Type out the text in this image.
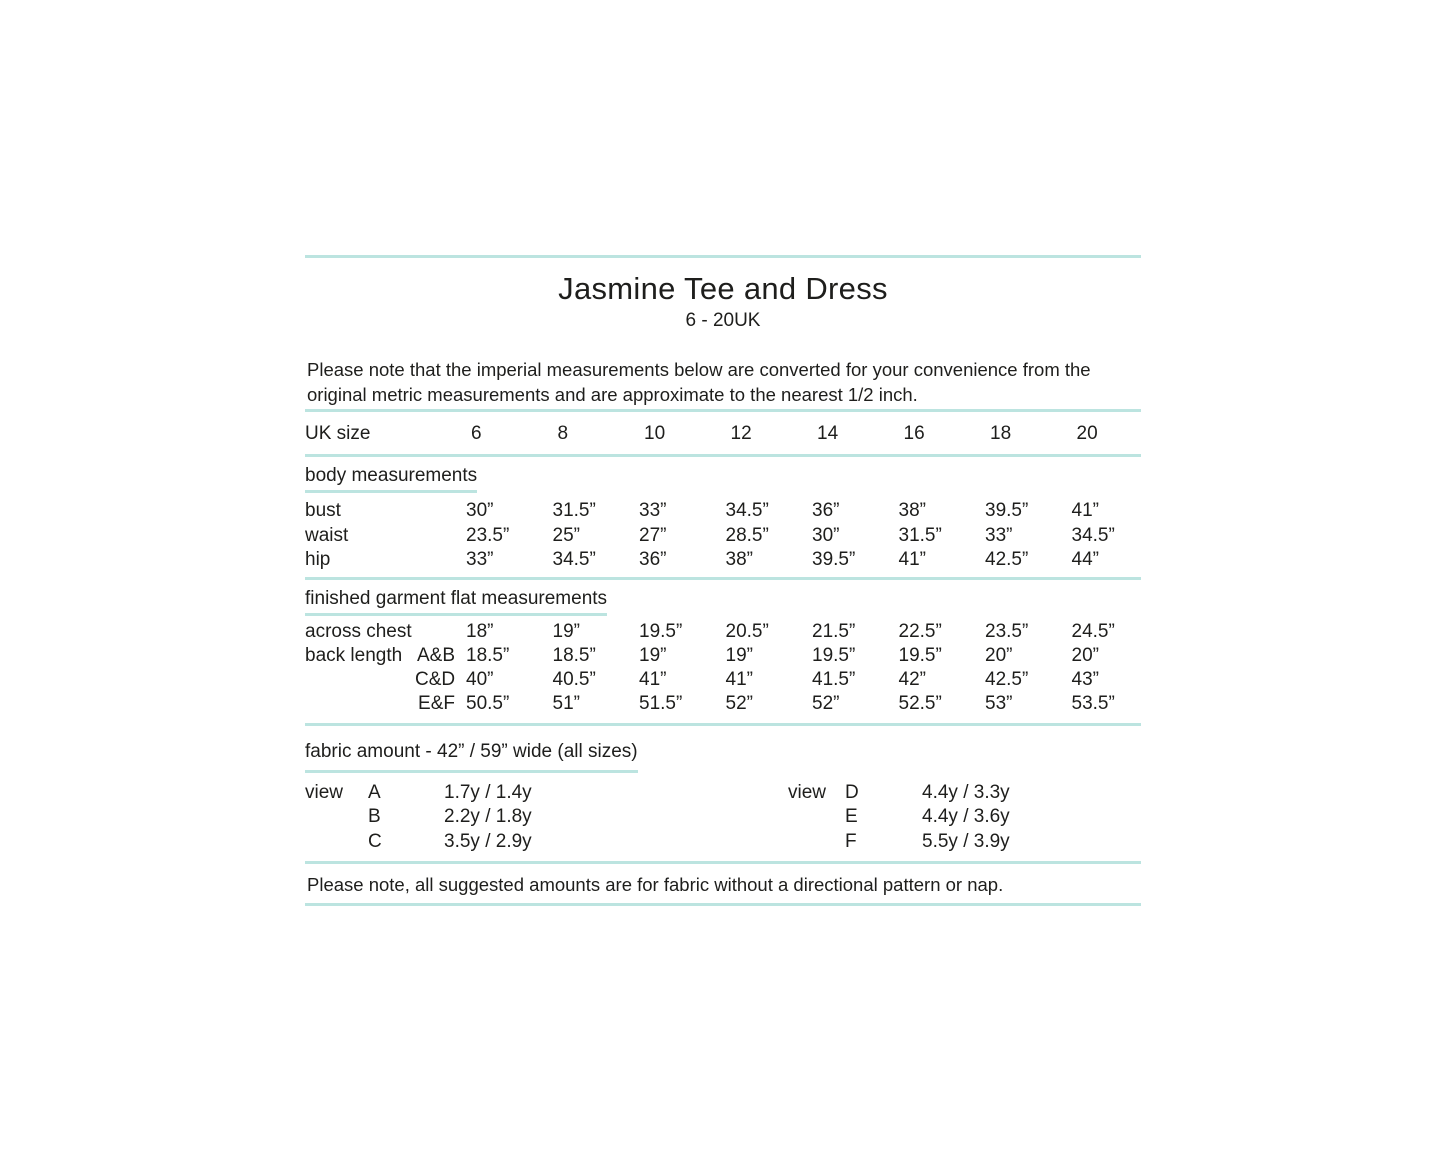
Jasmine Tee and Dress
6 - 20UK

Please note that the imperial measurements below are converted for your convenience from the original metric measurements and are approximate to the nearest 1/2 inch.

UK size	6	8	10	12	14	16	18	20
body measurements
bust	30”	31.5”	33”	34.5”	36”	38”	39.5”	41”
waist	23.5”	25”	27”	28.5”	30”	31.5”	33”	34.5”
hip	33”	34.5”	36”	38”	39.5”	41”	42.5”	44”
finished garment flat measurements
across chest	18”	19”	19.5”	20.5”	21.5”	22.5”	23.5”	24.5”
back length A&B 18.5”	18.5”	19”	19”	19.5”	19.5”	20”	20”
C&D 40”	40.5”	41”	41”	41.5”	42”	42.5”	43”
E&F 50.5”	51”	51.5”	52”	52”	52.5”	53”	53.5”
fabric amount - 42” / 59” wide (all sizes)
view	A	1.7y / 1.4y	view D	4.4y / 3.3y
B	2.2y / 1.8y	E	4.4y / 3.6y
C	3.5y / 2.9y	F	5.5y / 3.9y

Please note, all suggested amounts are for fabric without a directional pattern or nap.
